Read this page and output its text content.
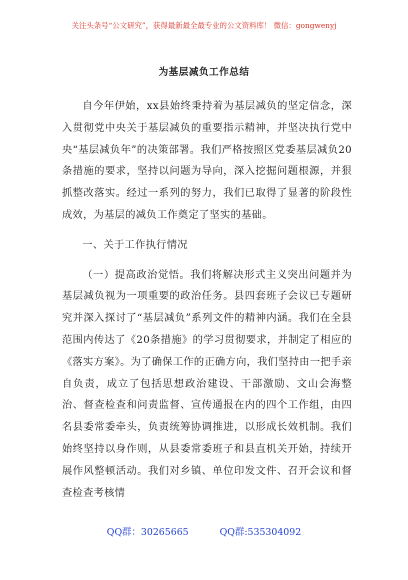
关注头条号“公文研究”，获得最新最全最专业的公文资料库！ 微信：gongwenyj
为基层减负工作总结

自今年伊始，xx县始终秉持着为基层减负的坚定信念，深入贯彻党中央关于基层减负的重要指示精神，并坚决执行党中央“基层减负年”的决策部署。我们严格按照区党委基层减负20条措施的要求，坚持以问题为导向，深入挖掘问题根源，并狠抓整改落实。经过一系列的努力，我们已取得了显著的阶段性成效，为基层的减负工作奠定了坚实的基础。

一、关于工作执行情况

（一）提高政治觉悟。我们将解决形式主义突出问题并为基层减负视为一项重要的政治任务。县四套班子会议已专题研究并深入探讨了“基层减负”系列文件的精神内涵。我们在全县范围内传达了《20条措施》的学习贯彻要求，并制定了相应的《落实方案》。为了确保工作的正确方向，我们坚持由一把手亲自负责，成立了包括思想政治建设、干部激励、文山会海整治、督查检查和问责监督、宣传通报在内的四个工作组，由四名县委常委牵头，负责统筹协调推进，以形成长效机制。我们始终坚持以身作则，从县委常委班子和县直机关开始，持续开展作风整顿活动。我们对乡镇、单位印发文件、召开会议和督查检查考核情

QQ群：30265665	QQ群:535304092
